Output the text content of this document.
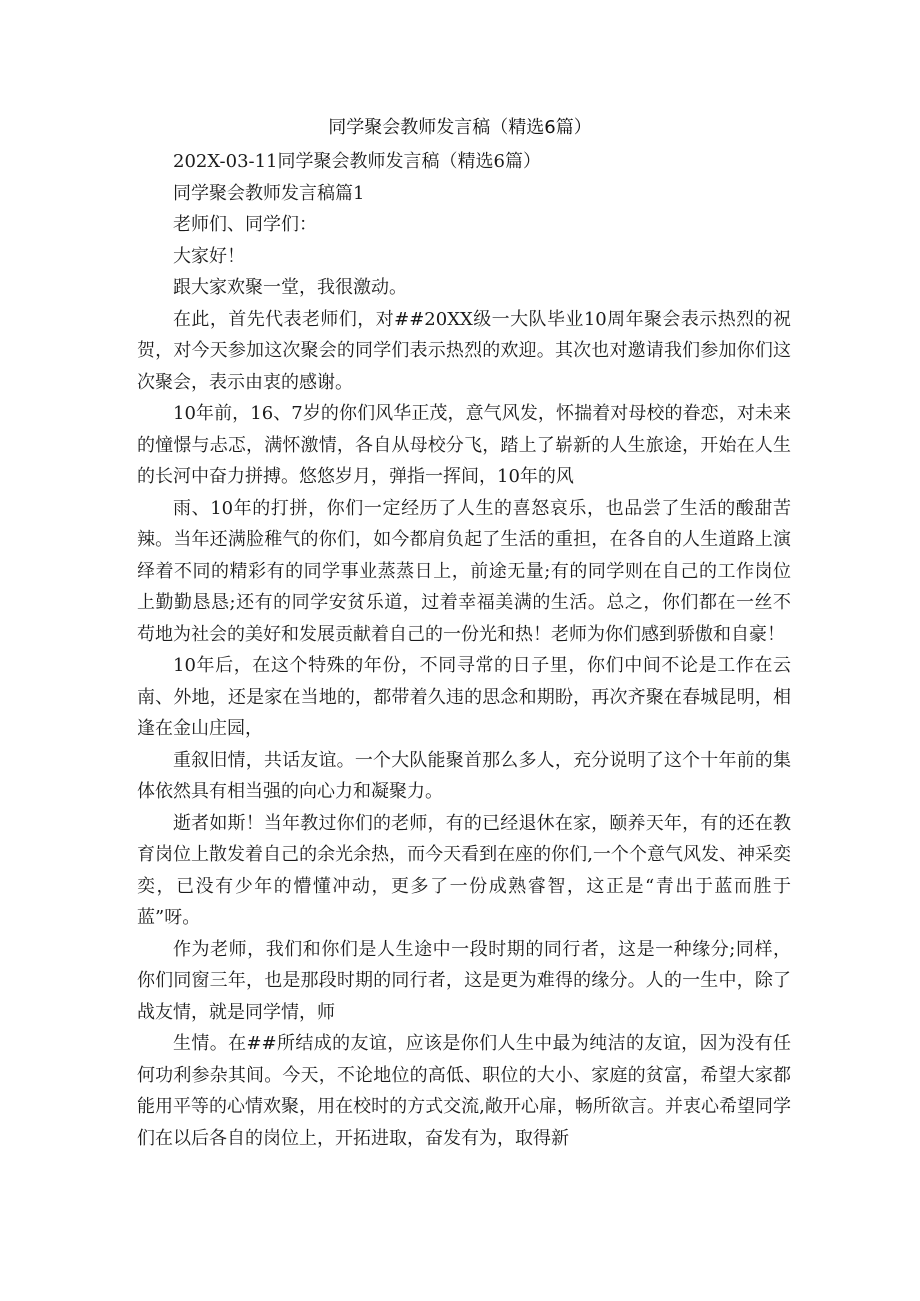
同学聚会教师发言稿（精选6篇）

202X-03-11同学聚会教师发言稿（精选6篇）

同学聚会教师发言稿篇1

老师们、同学们：

大家好！

跟大家欢聚一堂，我很激动。

在此，首先代表老师们，对##20XX级一大队毕业10周年聚会表示热烈的祝贺，对今天参加这次聚会的同学们表示热烈的欢迎。其次也对邀请我们参加你们这次聚会，表示由衷的感谢。

10年前，16、7岁的你们风华正茂，意气风发，怀揣着对母校的眷恋，对未来的憧憬与忐忑，满怀激情，各自从母校分飞，踏上了崭新的人生旅途，开始在人生的长河中奋力拼搏。悠悠岁月，弹指一挥间，10年的风

雨、10年的打拼，你们一定经历了人生的喜怒哀乐，也品尝了生活的酸甜苦辣。当年还满脸稚气的你们，如今都肩负起了生活的重担，在各自的人生道路上演绎着不同的精彩有的同学事业蒸蒸日上，前途无量;有的同学则在自己的工作岗位上勤勤恳恳;还有的同学安贫乐道，过着幸福美满的生活。总之，你们都在一丝不苟地为社会的美好和发展贡献着自己的一份光和热！老师为你们感到骄傲和自豪！

10年后，在这个特殊的年份，不同寻常的日子里，你们中间不论是工作在云南、外地，还是家在当地的，都带着久违的思念和期盼，再次齐聚在春城昆明，相逢在金山庄园，

重叙旧情，共话友谊。一个大队能聚首那么多人，充分说明了这个十年前的集体依然具有相当强的向心力和凝聚力。

逝者如斯！当年教过你们的老师，有的已经退休在家，颐养天年，有的还在教育岗位上散发着自己的余光余热，而今天看到在座的你们,一个个意气风发、神采奕奕，已没有少年的懵懂冲动，更多了一份成熟睿智，这正是“青出于蓝而胜于蓝”呀。

作为老师，我们和你们是人生途中一段时期的同行者，这是一种缘分;同样，你们同窗三年，也是那段时期的同行者，这是更为难得的缘分。人的一生中，除了战友情，就是同学情，师

生情。在##所结成的友谊，应该是你们人生中最为纯洁的友谊，因为没有任何功利参杂其间。今天，不论地位的高低、职位的大小、家庭的贫富，希望大家都能用平等的心情欢聚，用在校时的方式交流,敞开心扉，畅所欲言。并衷心希望同学们在以后各自的岗位上，开拓进取，奋发有为，取得新
